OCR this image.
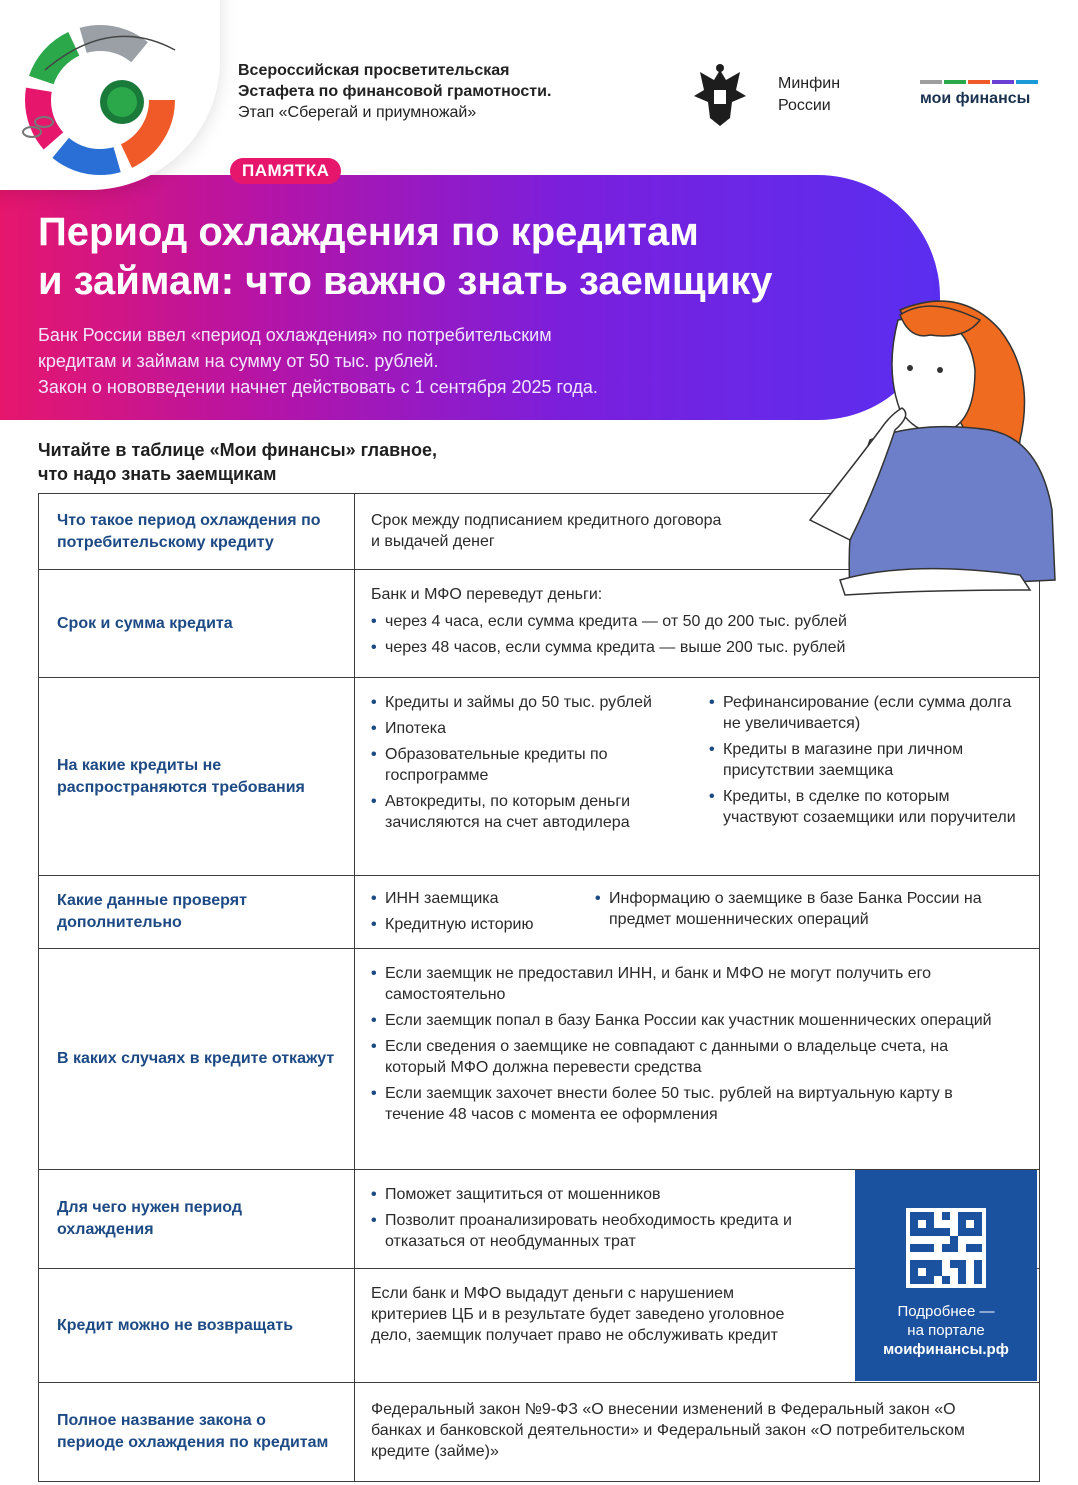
Всероссийская просветительская
Эстафета по финансовой грамотности.
Этап «Сберегай и приумножай»
Минфин
России	мои финансы
ПАМЯТКА
Период охлаждения по кредитам
и займам: что важно знать заемщику
Банк России ввел «период охлаждения» по потребительским
кредитам и займам на сумму от 50 тыс. рублей.
Закон о нововведении начнет действовать с 1 сентября 2025 года.
Читайте в таблице «Мои финансы» главное,
что надо знать заемщикам
Что такое период охлаждения по потребительскому кредиту
Срок между подписанием кредитного договора и выдачей денег
Срок и сумма кредита
Банк и МФО переведут деньги:
• через 4 часа, если сумма кредита — от 50 до 200 тыс. рублей
• через 48 часов, если сумма кредита — выше 200 тыс. рублей
На какие кредиты не распространяются требования
• Кредиты и займы до 50 тыс. рублей
• Ипотека
• Образовательные кредиты по госпрограмме
• Автокредиты, по которым деньги зачисляются на счет автодилера
• Рефинансирование (если сумма долга не увеличивается)
• Кредиты в магазине при личном присутствии заемщика
• Кредиты, в сделке по которым участвуют созаемщики или поручители
Какие данные проверят дополнительно
• ИНН заемщика
• Кредитную историю
• Информацию о заемщике в базе Банка России на предмет мошеннических операций
В каких случаях в кредите откажут
• Если заемщик не предоставил ИНН, и банк и МФО не могут получить его самостоятельно
• Если заемщик попал в базу Банка России как участник мошеннических операций
• Если сведения о заемщике не совпадают с данными о владельце счета, на который МФО должна перевести средства
• Если заемщик захочет внести более 50 тыс. рублей на виртуальную карту в течение 48 часов с момента ее оформления
Для чего нужен период охлаждения
• Поможет защититься от мошенников
• Позволит проанализировать необходимость кредита и отказаться от необдуманных трат
Подробнее —
на портале
моифинансы.рф
Кредит можно не возвращать
Если банк и МФО выдадут деньги с нарушением критериев ЦБ и в результате будет заведено уголовное дело, заемщик получает право не обслуживать кредит
Полное название закона о периоде охлаждения по кредитам
Федеральный закон №9-ФЗ «О внесении изменений в Федеральный закон «О банках и банковской деятельности» и Федеральный закон «О потребительском кредите (займе)»
